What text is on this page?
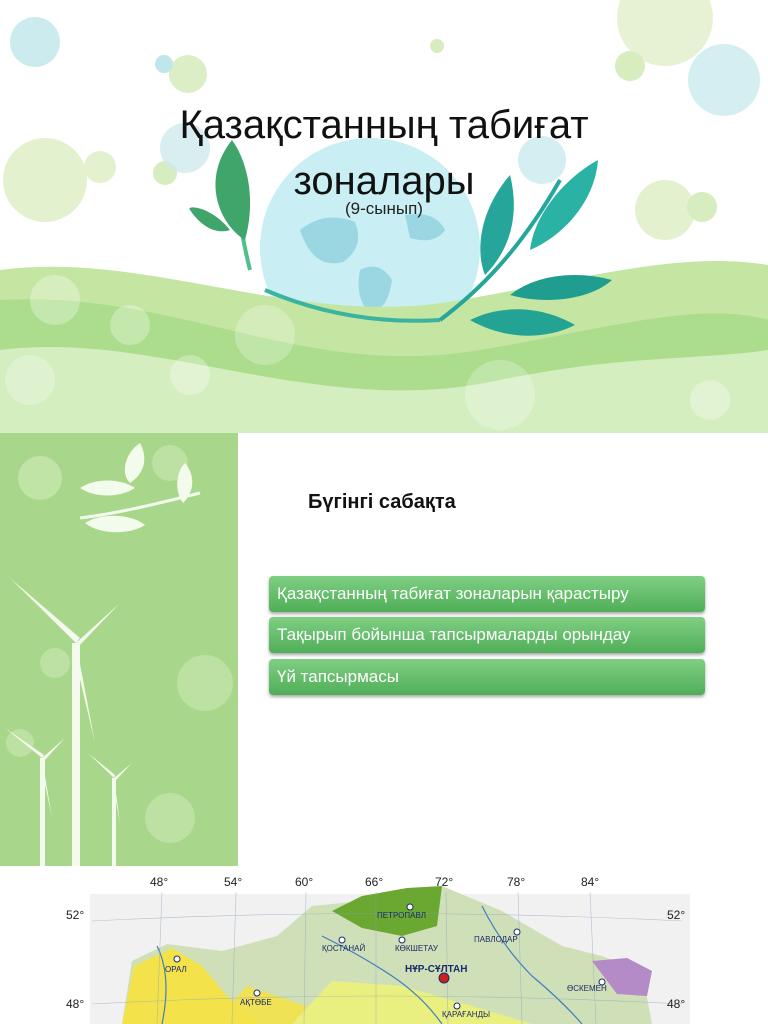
Қазақстанның табиғат
зоналары
(9-сынып)
Бүгінгі сабақта
Қазақстанның табиғат зоналарын қарастыру
Тақырып бойынша тапсырмаларды орындау
Үй тапсырмасы
48°	54°	60°	66°	72°	78°	84°
52°
48°
52°
48°
ПЕТРОПАВЛ
ҚОСТАНАЙ	КӨКШЕТАУ
ПАВЛОДАР
ОРАЛ	НҰР-СҰЛТАН
АҚТӨБЕ
ӨСКЕМЕН
ҚАРАҒАНДЫ
